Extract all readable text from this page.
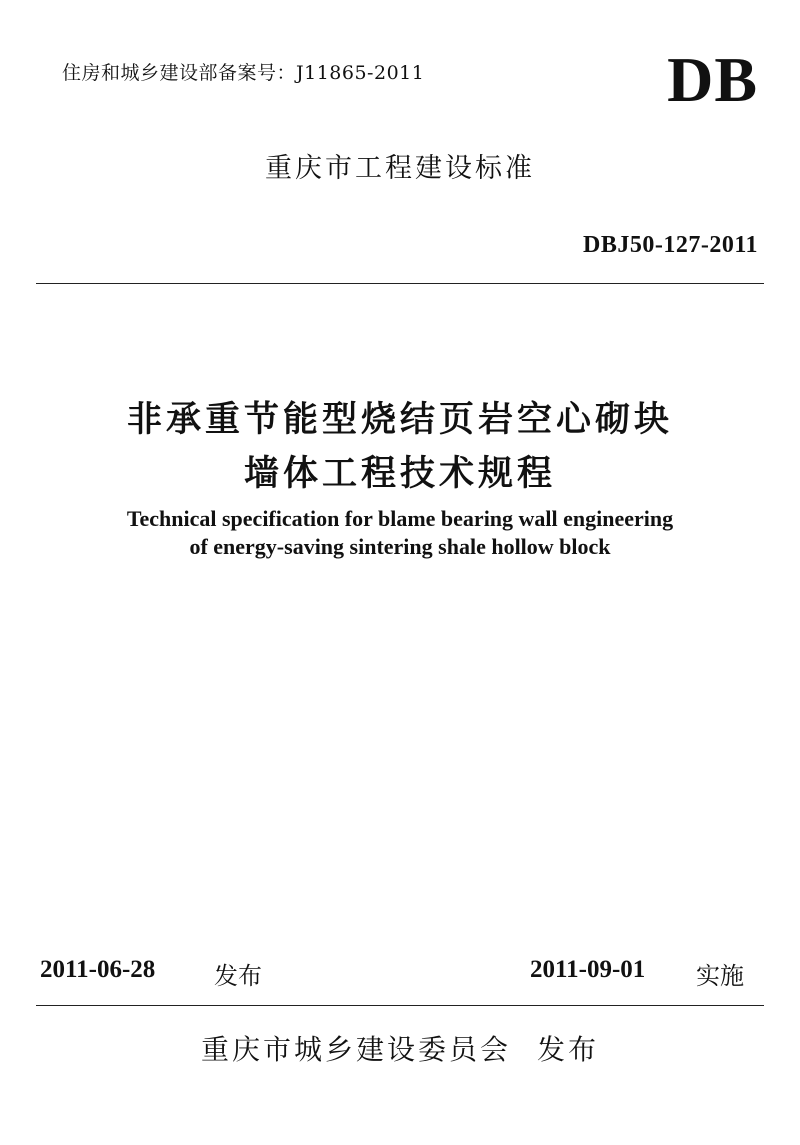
住房和城乡建设部备案号：J11865-2011	DB
重庆市工程建设标准
DBJ50-127-2011
非承重节能型烧结页岩空心砌块
墙体工程技术规程
Technical specification for blame bearing wall engineering
of energy-saving sintering shale hollow block
2011-06-28 发布	2011-09-01 实施
重庆市城乡建设委员会 发布
